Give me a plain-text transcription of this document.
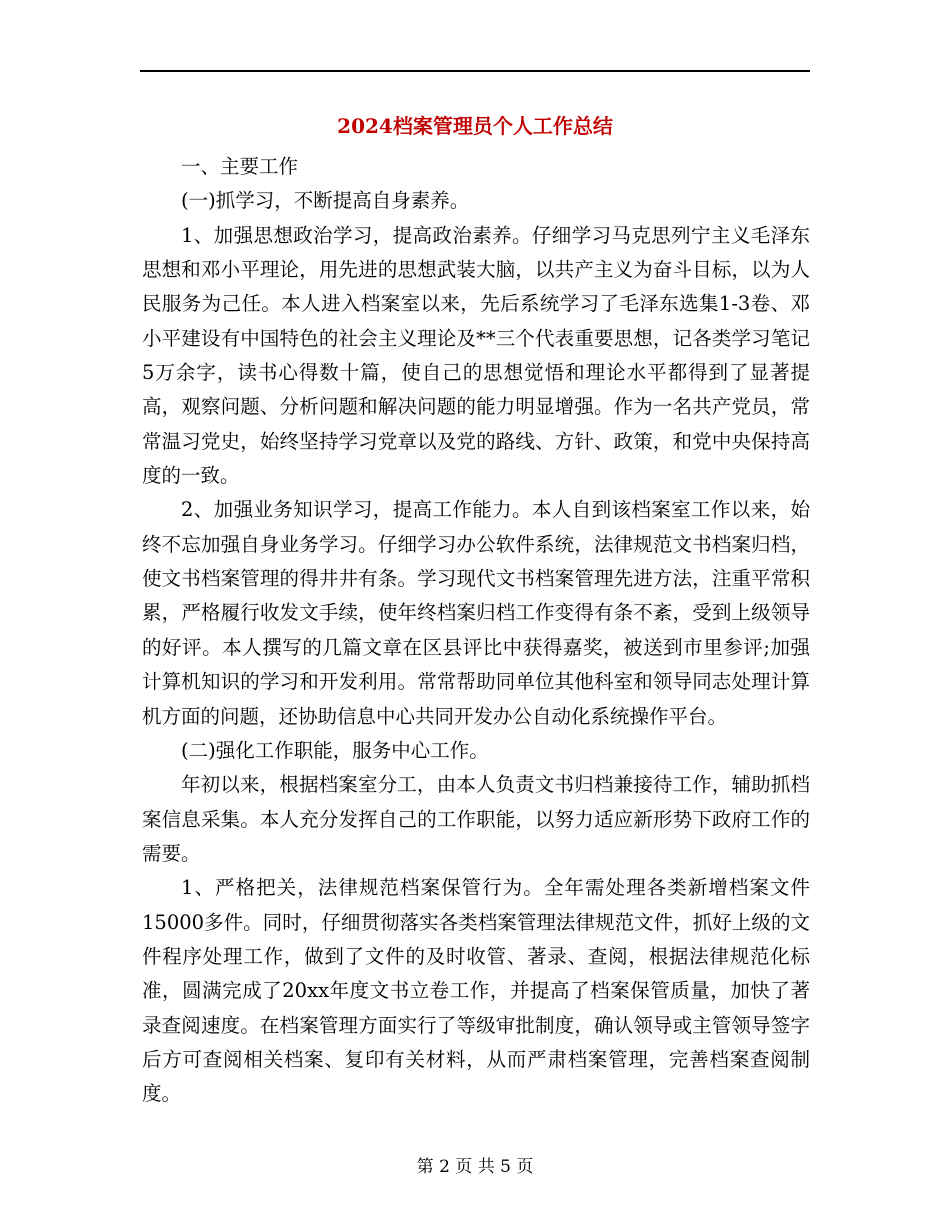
2024档案管理员个人工作总结

一、主要工作

(一)抓学习，不断提高自身素养。

1、加强思想政治学习，提高政治素养。仔细学习马克思列宁主义毛泽东思想和邓小平理论，用先进的思想武装大脑，以共产主义为奋斗目标，以为人民服务为己任。本人进入档案室以来，先后系统学习了毛泽东选集1-3卷、邓小平建设有中国特色的社会主义理论及**三个代表重要思想，记各类学习笔记5万余字，读书心得数十篇，使自己的思想觉悟和理论水平都得到了显著提高，观察问题、分析问题和解决问题的能力明显增强。作为一名共产党员，常常温习党史，始终坚持学习党章以及党的路线、方针、政策，和党中央保持高度的一致。

2、加强业务知识学习，提高工作能力。本人自到该档案室工作以来，始终不忘加强自身业务学习。仔细学习办公软件系统，法律规范文书档案归档，使文书档案管理的得井井有条。学习现代文书档案管理先进方法，注重平常积累，严格履行收发文手续，使年终档案归档工作变得有条不紊，受到上级领导的好评。本人撰写的几篇文章在区县评比中获得嘉奖，被送到市里参评;加强计算机知识的学习和开发利用。常常帮助同单位其他科室和领导同志处理计算机方面的问题，还协助信息中心共同开发办公自动化系统操作平台。

(二)强化工作职能，服务中心工作。

年初以来，根据档案室分工，由本人负责文书归档兼接待工作，辅助抓档案信息采集。本人充分发挥自己的工作职能，以努力适应新形势下政府工作的需要。

1、严格把关，法律规范档案保管行为。全年需处理各类新增档案文件15000多件。同时，仔细贯彻落实各类档案管理法律规范文件，抓好上级的文件程序处理工作，做到了文件的及时收管、著录、查阅，根据法律规范化标准，圆满完成了20xx年度文书立卷工作，并提高了档案保管质量，加快了著录查阅速度。在档案管理方面实行了等级审批制度，确认领导或主管领导签字后方可查阅相关档案、复印有关材料，从而严肃档案管理，完善档案查阅制度。

第 2 页 共 5 页
